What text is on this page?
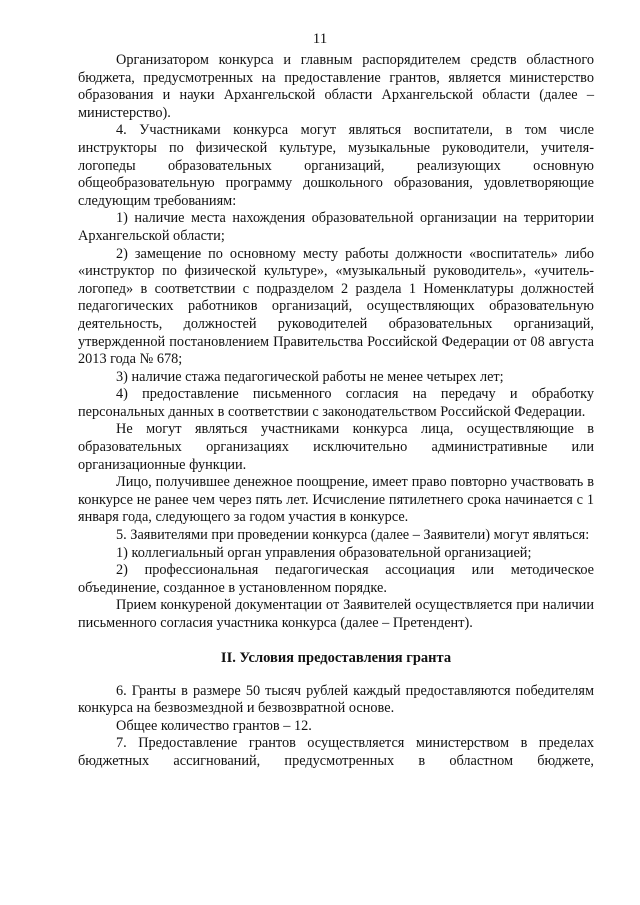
11

Организатором конкурса и главным распорядителем средств областного бюджета, предусмотренных на предоставление грантов, является министерство образования и науки Архангельской области Архангельской области (далее – министерство).

4. Участниками конкурса могут являться воспитатели, в том числе инструкторы по физической культуре, музыкальные руководители, учителя-логопеды образовательных организаций, реализующих основную общеобразовательную программу дошкольного образования, удовлетворяющие следующим требованиям:

1) наличие места нахождения образовательной организации на территории Архангельской области;

2) замещение по основному месту работы должности «воспитатель» либо «инструктор по физической культуре», «музыкальный руководитель», «учитель-логопед» в соответствии с подразделом 2 раздела 1 Номенклатуры должностей педагогических работников организаций, осуществляющих образовательную деятельность, должностей руководителей образовательных организаций, утвержденной постановлением Правительства Российской Федерации от 08 августа 2013 года № 678;

3) наличие стажа педагогической работы не менее четырех лет;

4) предоставление письменного согласия на передачу и обработку персональных данных в соответствии с законодательством Российской Федерации.

Не могут являться участниками конкурса лица, осуществляющие в образовательных организациях исключительно административные или организационные функции.

Лицо, получившее денежное поощрение, имеет право повторно участвовать в конкурсе не ранее чем через пять лет. Исчисление пятилетнего срока начинается с 1 января года, следующего за годом участия в конкурсе.

5. Заявителями при проведении конкурса (далее – Заявители) могут являться:

1) коллегиальный орган управления образовательной организацией;

2) профессиональная педагогическая ассоциация или методическое объединение, созданное в установленном порядке.

Прием конкуреной документации от Заявителей осуществляется при наличии письменного согласия участника конкурса (далее – Претендент).

II. Условия предоставления гранта

6. Гранты в размере 50 тысяч рублей каждый предоставляются победителям конкурса на безвозмездной и безвозвратной основе.

Общее количество грантов – 12.

7. Предоставление грантов осуществляется министерством в пределах бюджетных ассигнований, предусмотренных в областном бюджете,
